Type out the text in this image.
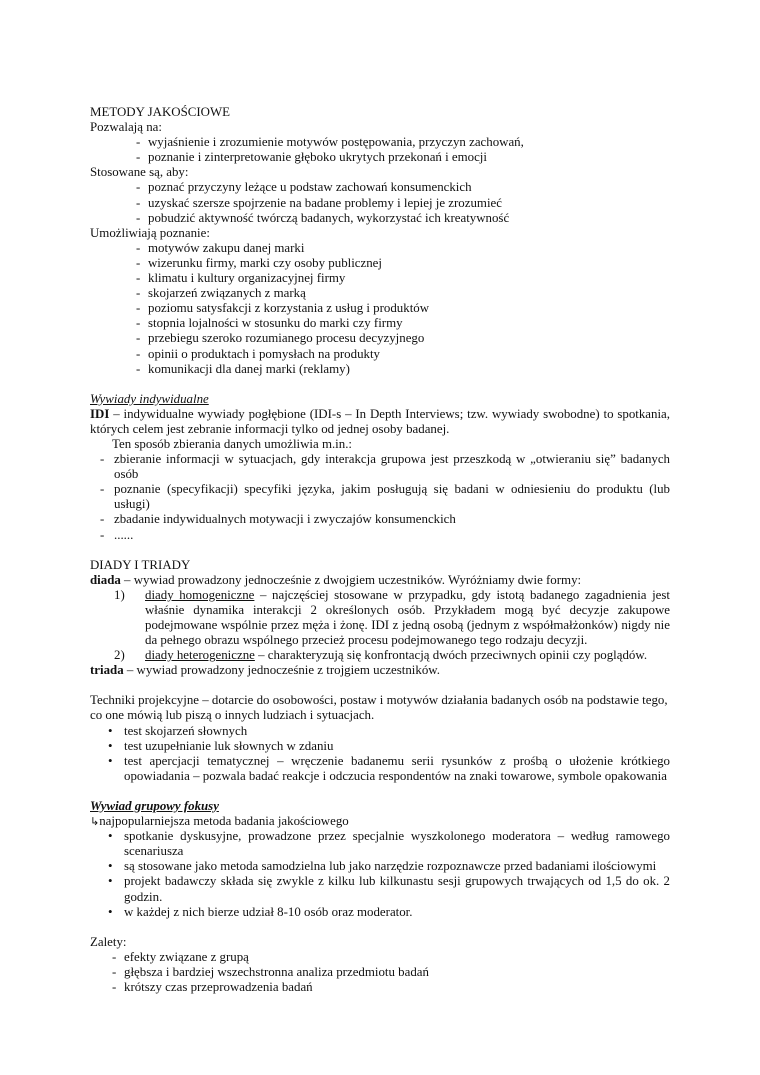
METODY JAKOŚCIOWE

Pozwalają na:

- wyjaśnienie i zrozumienie motywów postępowania, przyczyn zachowań,
- poznanie i zinterpretowanie głęboko ukrytych przekonań i emocji

Stosowane są, aby:

- poznać przyczyny leżące u podstaw zachowań konsumenckich
- uzyskać szersze spojrzenie na badane problemy i lepiej je zrozumieć
- pobudzić aktywność twórczą badanych, wykorzystać ich kreatywność

Umożliwiają poznanie:

- motywów zakupu danej marki
- wizerunku firmy, marki czy osoby publicznej
- klimatu i kultury organizacyjnej firmy
- skojarzeń związanych z marką
- poziomu satysfakcji z korzystania z usług i produktów
- stopnia lojalności w stosunku do marki czy firmy
- przebiegu szeroko rozumianego procesu decyzyjnego
- opinii o produktach i pomysłach na produkty
- komunikacji dla danej marki (reklamy)

Wywiady indywidualne

IDI – indywidualne wywiady pogłębione (IDI-s – In Depth Interviews; tzw. wywiady swobodne) to spotkania, których celem jest zebranie informacji tylko od jednej osoby badanej.

Ten sposób zbierania danych umożliwia m.in.:

- zbieranie informacji w sytuacjach, gdy interakcja grupowa jest przeszkodą w „otwieraniu się” badanych osób
- poznanie (specyfikacji) specyfiki języka, jakim posługują się badani w odniesieniu do produktu (lub usługi)
- zbadanie indywidualnych motywacji i zwyczajów konsumenckich
- ......

DIADY I TRIADY

diada – wywiad prowadzony jednocześnie z dwojgiem uczestników. Wyróżniamy dwie formy:

1) diady homogeniczne – najczęściej stosowane w przypadku, gdy istotą badanego zagadnienia jest właśnie dynamika interakcji 2 określonych osób. Przykładem mogą być decyzje zakupowe podejmowane wspólnie przez męża i żonę. IDI z jedną osobą (jednym z współmałżonków) nigdy nie da pełnego obrazu wspólnego przecież procesu podejmowanego tego rodzaju decyzji.
2) diady heterogeniczne – charakteryzują się konfrontacją dwóch przeciwnych opinii czy poglądów.

triada – wywiad prowadzony jednocześnie z trojgiem uczestników.

Techniki projekcyjne – dotarcie do osobowości, postaw i motywów działania badanych osób na podstawie tego, co one mówią lub piszą o innych ludziach i sytuacjach.

• test skojarzeń słownych
• test uzupełnianie luk słownych w zdaniu
• test apercjacji tematycznej – wręczenie badanemu serii rysunków z prośbą o ułożenie krótkiego opowiadania – pozwala badać reakcje i odczucia respondentów na znaki towarowe, symbole opakowania

Wywiad grupowy fokusy

↳najpopularniejsza metoda badania jakościowego

• spotkanie dyskusyjne, prowadzone przez specjalnie wyszkolonego moderatora – według ramowego scenariusza
• są stosowane jako metoda samodzielna lub jako narzędzie rozpoznawcze przed badaniami ilościowymi
• projekt badawczy składa się zwykle z kilku lub kilkunastu sesji grupowych trwających od 1,5 do ok. 2 godzin.
• w każdej z nich bierze udział 8-10 osób oraz moderator.

Zalety:

- efekty związane z grupą
- głębsza i bardziej wszechstronna analiza przedmiotu badań
- krótszy czas przeprowadzenia badań
